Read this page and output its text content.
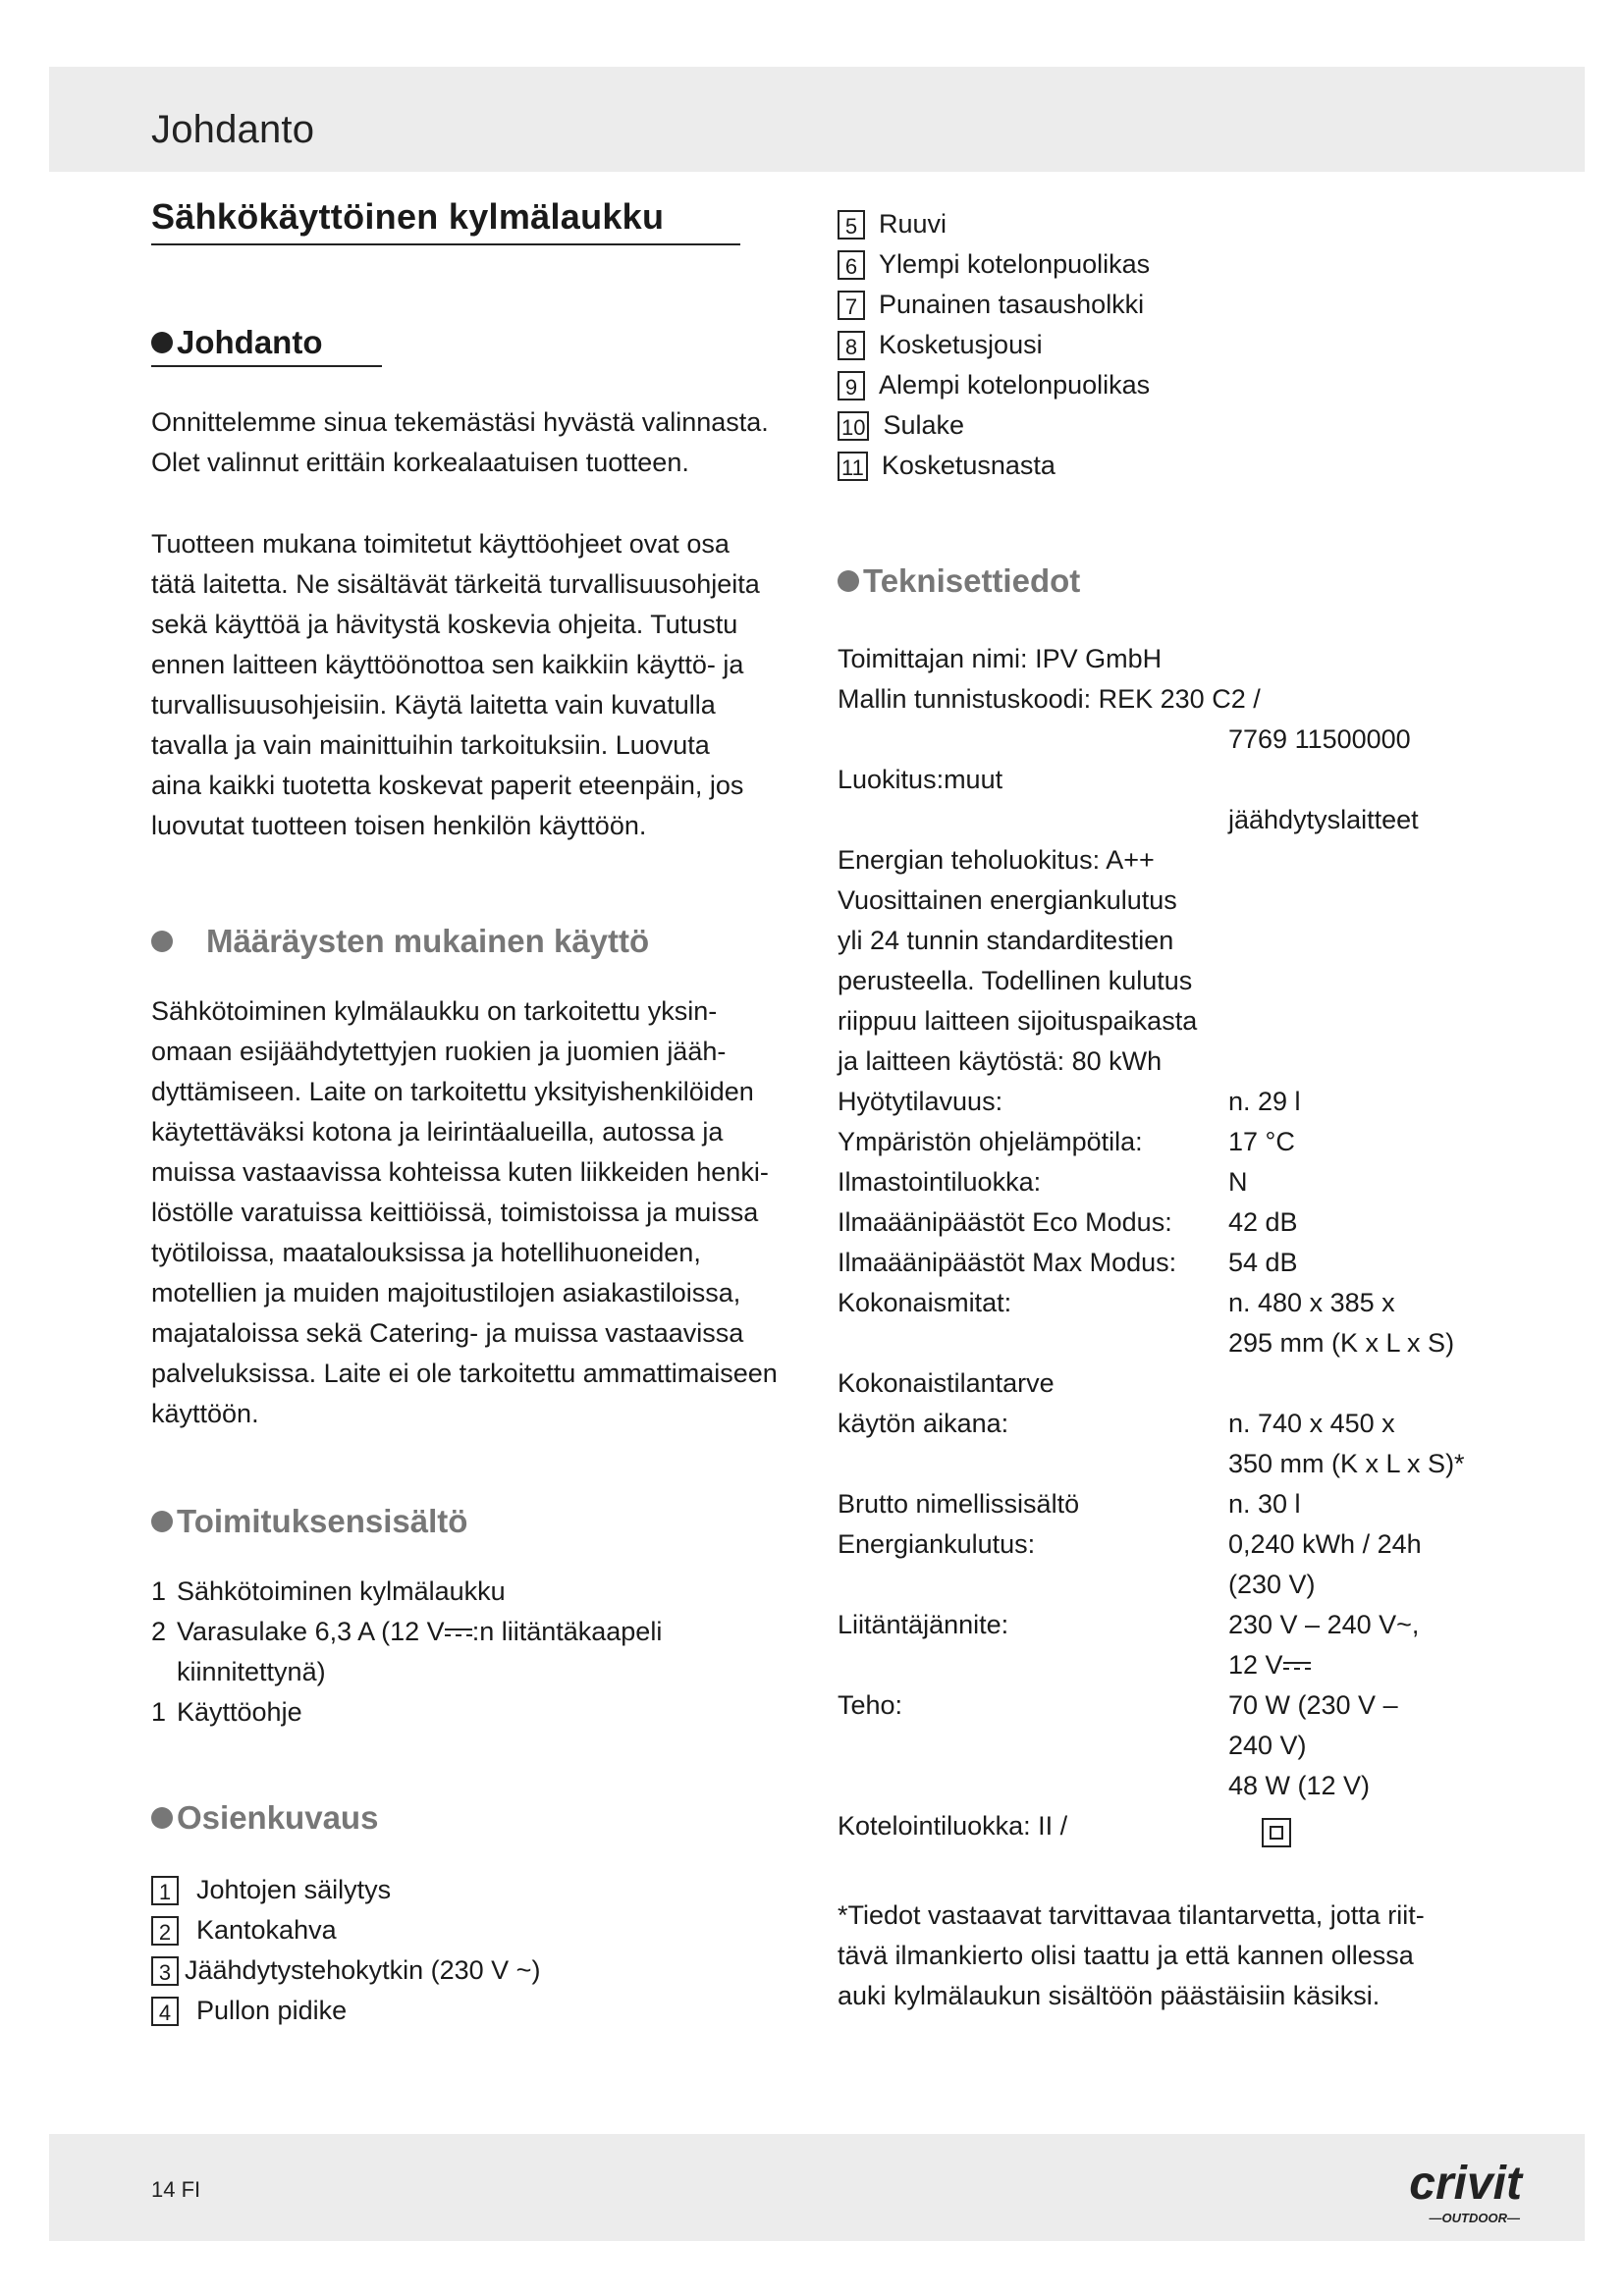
Johdanto
Sähkökäyttöinen kylmälaukku
Johdanto

Onnittelemme sinua tekemästäsi hyvästä valinnasta.
Olet valinnut erittäin korkealaatuisen tuotteen.

Tuotteen mukana toimitetut käyttöohjeet ovat osa
tätä laitetta. Ne sisältävät tärkeitä turvallisuusohjeita
sekä käyttöä ja hävitystä koskevia ohjeita. Tutustu
ennen laitteen käyttöönottoa sen kaikkiin käyttö- ja
turvallisuusohjeisiin. Käytä laitetta vain kuvatulla
tavalla ja vain mainittuihin tarkoituksiin. Luovuta
aina kaikki tuotetta koskevat paperit eteenpäin, jos
luovutat tuotteen toisen henkilön käyttöön.

Määräysten mukainen käyttö

Sähkötoiminen kylmälaukku on tarkoitettu yksin-
omaan esijäähdytettyjen ruokien ja juomien jääh-
dyttämiseen. Laite on tarkoitettu yksityishenkilöiden
käytettäväksi kotona ja leirintäalueilla, autossa ja
muissa vastaavissa kohteissa kuten liikkeiden henki-
löstölle varatuissa keittiöissä, toimistoissa ja muissa
työtiloissa, maatalouksissa ja hotellihuoneiden,
motellien ja muiden majoitustilojen asiakastiloissa,
majataloissa sekä Catering- ja muissa vastaavissa
palveluksissa. Laite ei ole tarkoitettu ammattimaiseen
käyttöön.

Toimituksensisältö
1 Sähkötoiminen kylmälaukku
2 Varasulake 6,3 A (12 V :n liitäntäkaapeli
kiinnitettynä)
1 Käyttöohje
Osienkuvaus
1 Johtojen säilytys
2 Kantokahva
3 Jäähdytystehokytkin (230 V ~)
4 Pullon pidike
5 Ruuvi
6 Ylempi kotelonpuolikas
7 Punainen tasausholkki
8 Kosketusjousi
9 Alempi kotelonpuolikas
10 Sulake
11 Kosketusnasta
Teknisettiedot
Toimittajan nimi: IPV GmbH
Mallin tunnistuskoodi: REK 230 C2 /
7769 11500000
Luokitus:muut
jäähdytyslaitteet
Energian teholuokitus: A++
Vuosittainen energiankulutus
yli 24 tunnin standarditestien
perusteella. Todellinen kulutus
riippuu laitteen sijoituspaikasta
ja laitteen käytöstä: 80 kWh
Hyötytilavuus:	n. 29 l
Ympäristön ohjelämpötila:	17 °C
Ilmastointiluokka:	N
Ilmaäänipäästöt Eco Modus: 42 dB
Ilmaäänipäästöt Max Modus: 54 dB
Kokonaismitat:	n. 480 x 385 x
295 mm (K x L x S)
Kokonaistilantarve
käytön aikana:	n. 740 x 450 x
350 mm (K x L x S)*
Brutto nimellissisältö	n. 30 l
Energiankulutus:	0,240 kWh / 24h
(230 V)
Liitäntäjännite:	230 V – 240 V~,
12 V
Teho:	70 W (230 V –
240 V)
48 W (12 V)
Kotelointiluokka: II /

*Tiedot vastaavat tarvittavaa tilantarvetta, jotta riit-
tävä ilmankierto olisi taattu ja että kannen ollessa
auki kylmälaukun sisältöön päästäisiin käsiksi.

14 FI	crivit
—OUTDOOR—
